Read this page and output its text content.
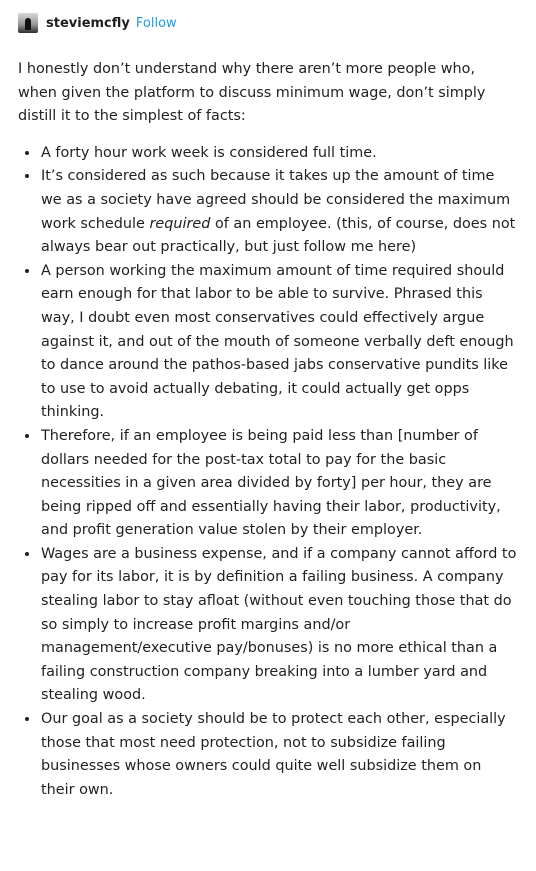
steviemcfly Follow

I honestly don’t understand why there aren’t more people who, when given the platform to discuss minimum wage, don’t simply distill it to the simplest of facts:

• A forty hour work week is considered full time.
• It’s considered as such because it takes up the amount of time we as a society have agreed should be considered the maximum work schedule required of an employee. (this, of course, does not always bear out practically, but just follow me here)
• A person working the maximum amount of time required should earn enough for that labor to be able to survive. Phrased this way, I doubt even most conservatives could effectively argue against it, and out of the mouth of someone verbally deft enough to dance around the pathos-based jabs conservative pundits like to use to avoid actually debating, it could actually get opps thinking.
• Therefore, if an employee is being paid less than [number of dollars needed for the post-tax total to pay for the basic necessities in a given area divided by forty] per hour, they are being ripped off and essentially having their labor, productivity, and profit generation value stolen by their employer.
• Wages are a business expense, and if a company cannot afford to pay for its labor, it is by definition a failing business. A company stealing labor to stay afloat (without even touching those that do so simply to increase profit margins and/or management/executive pay/bonuses) is no more ethical than a failing construction company breaking into a lumber yard and stealing wood.
• Our goal as a society should be to protect each other, especially those that most need protection, not to subsidize failing businesses whose owners could quite well subsidize them on their own.
